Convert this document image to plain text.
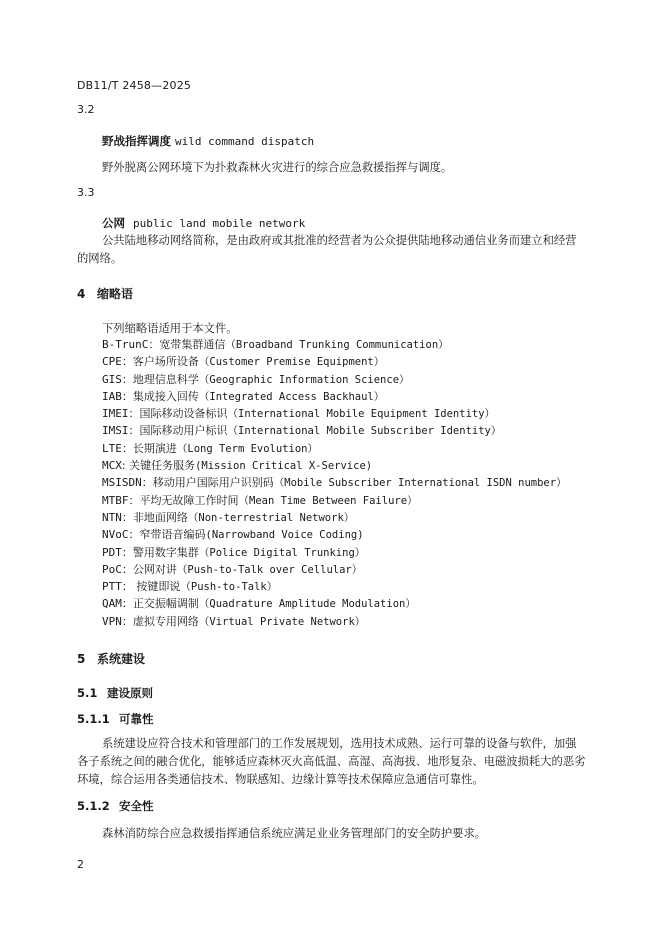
DB11/T 2458—2025

3.2

野战指挥调度 wild command dispatch

野外脱离公网环境下为扑救森林火灾进行的综合应急救援指挥与调度。

3.3

公网 public land mobile network

公共陆地移动网络简称，是由政府或其批准的经营者为公众提供陆地移动通信业务而建立和经营的网络。

4 缩略语

下列缩略语适用于本文件。

B-TrunC：宽带集群通信（Broadband Trunking Communication）
CPE：客户场所设备（Customer Premise Equipment）
GIS：地理信息科学（Geographic Information Science）
IAB：集成接入回传（Integrated Access Backhaul）
IMEI：国际移动设备标识（International Mobile Equipment Identity）
IMSI：国际移动用户标识（International Mobile Subscriber Identity）
LTE：长期演进（Long Term Evolution）
MCX: 关键任务服务(Mission Critical X-Service)
MSISDN：移动用户国际用户识别码（Mobile Subscriber International ISDN number）
MTBF：平均无故障工作时间（Mean Time Between Failure）
NTN：非地面网络（Non-terrestrial Network）
NVoC：窄带语音编码(Narrowband Voice Coding)
PDT：警用数字集群（Police Digital Trunking）
PoC：公网对讲（Push-to-Talk over Cellular）
PTT： 按键即说（Push-to-Talk）
QAM：正交振幅调制（Quadrature Amplitude Modulation）
VPN：虚拟专用网络（Virtual Private Network）

5 系统建设

5.1 建设原则

5.1.1 可靠性

系统建设应符合技术和管理部门的工作发展规划，选用技术成熟、运行可靠的设备与软件，加强各子系统之间的融合优化，能够适应森林灭火高低温、高湿、高海拔、地形复杂、电磁波损耗大的恶劣环境，综合运用各类通信技术、物联感知、边缘计算等技术保障应急通信可靠性。

5.1.2 安全性

森林消防综合应急救援指挥通信系统应满足业业务管理部门的安全防护要求。

2
